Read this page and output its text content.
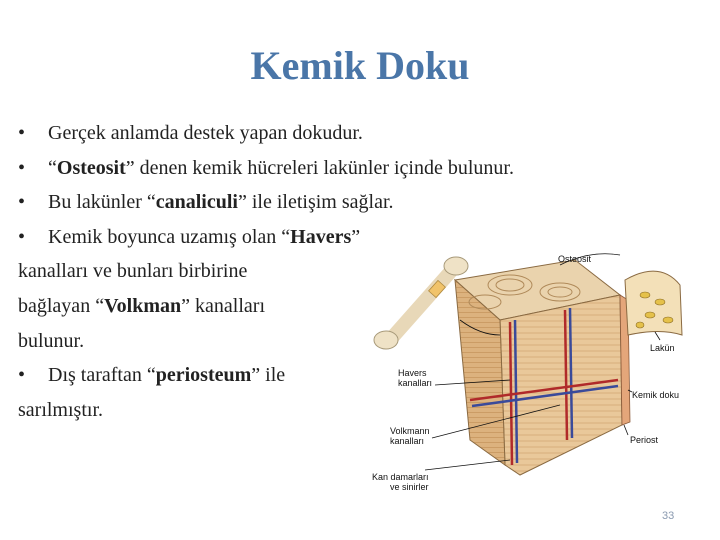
Kemik Doku
• Gerçek anlamda destek yapan dokudur.
• “Osteosit” denen kemik hücreleri lakünler içinde bulunur.
• Bu lakünler “canaliculi” ile iletişim sağlar.
• Kemik boyunca uzamış olan “Havers”
kanalları ve bunları birbirine
bağlayan “Volkman” kanalları
bulunur.
• Dış taraftan “periosteum” ile
sarılmıştır.
Osteosit
Lakün
Havers
kanalları
Kemik doku
Volkmann
kanalları	Periost
Kan damarları
ve sinirler
33
